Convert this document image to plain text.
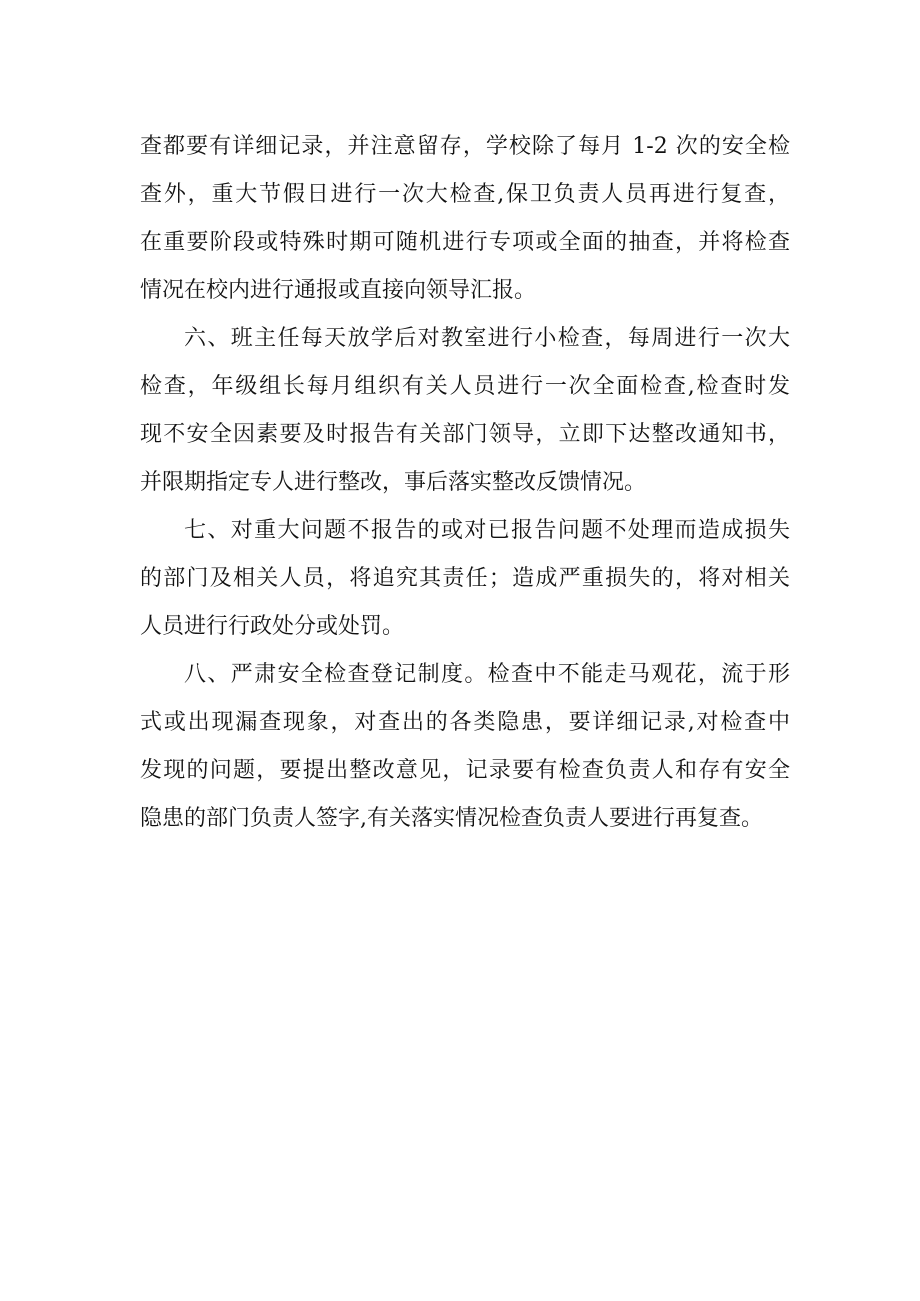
查都要有详细记录，并注意留存，学校除了每月 1-2 次的安全检
查外，重大节假日进行一次大检查,保卫负责人员再进行复查，
在重要阶段或特殊时期可随机进行专项或全面的抽查，并将检查
情况在校内进行通报或直接向领导汇报。
六、班主任每天放学后对教室进行小检查，每周进行一次大
检查，年级组长每月组织有关人员进行一次全面检查,检查时发
现不安全因素要及时报告有关部门领导，立即下达整改通知书，
并限期指定专人进行整改，事后落实整改反馈情况。
七、对重大问题不报告的或对已报告问题不处理而造成损失
的部门及相关人员，将追究其责任；造成严重损失的，将对相关
人员进行行政处分或处罚。
八、严肃安全检查登记制度。检查中不能走马观花，流于形
式或出现漏查现象，对查出的各类隐患，要详细记录,对检查中
发现的问题，要提出整改意见，记录要有检查负责人和存有安全
隐患的部门负责人签字,有关落实情况检查负责人要进行再复查。
